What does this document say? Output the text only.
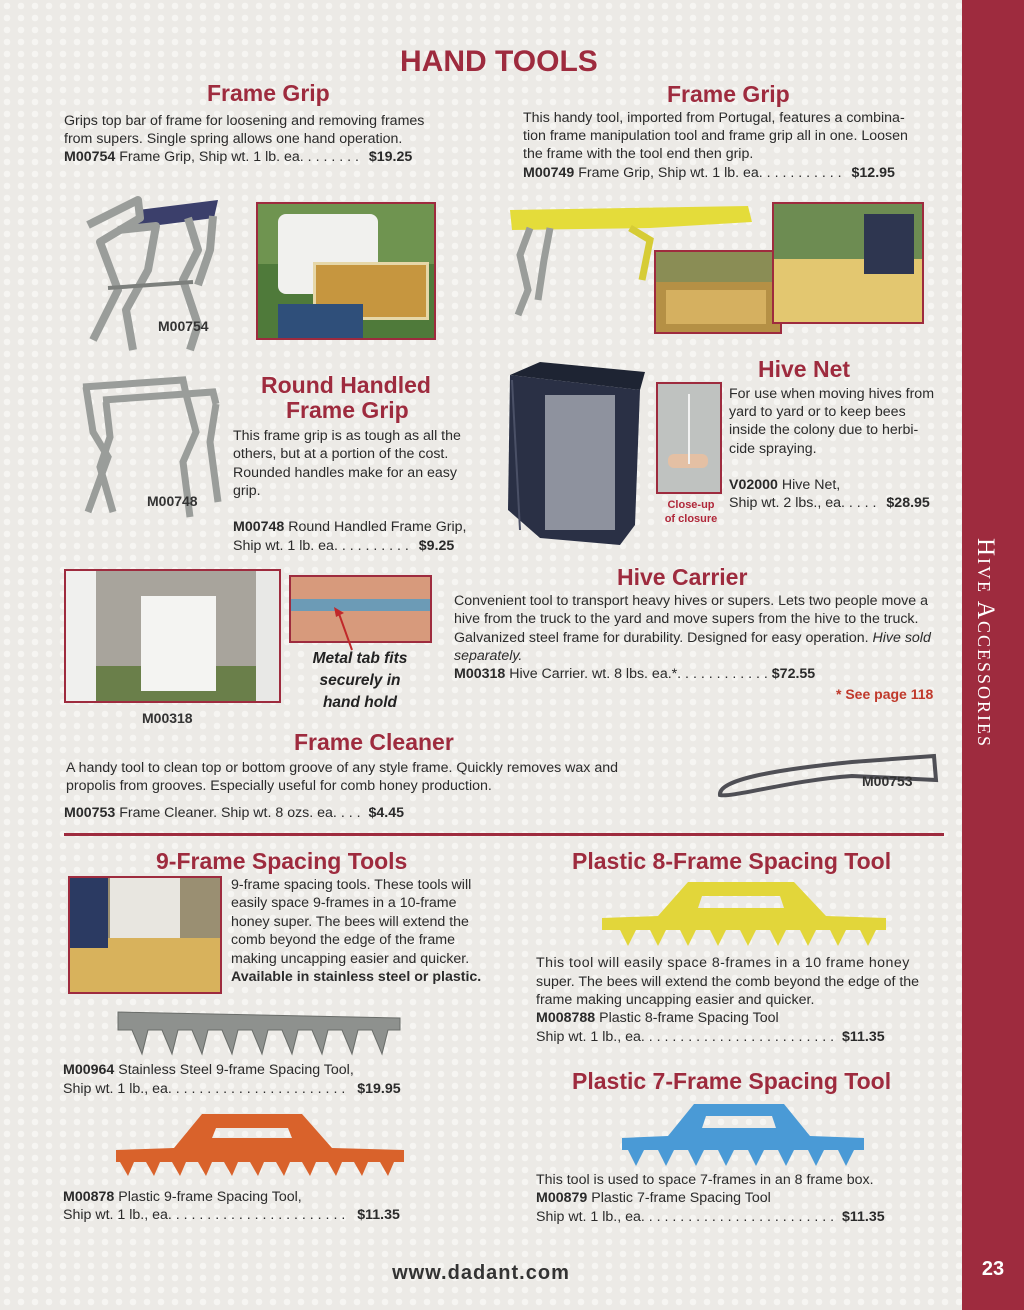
Hive Accessories
23
HAND TOOLS
Frame Grip

Grips top bar of frame for loosening and removing frames

from supers. Single spring allows one hand operation.

M00754 Frame Grip, Ship wt. 1 lb. ea. . . . . . . . $19.25
M00754
Frame Grip

This handy tool, imported from Portugal, features a combina-

tion frame manipulation tool and frame grip all in one. Loosen

the frame with the tool end then grip.

M00749 Frame Grip, Ship wt. 1 lb. ea. . . . . . . . . . . $12.95
M00748
Round Handled
Frame Grip

This frame grip is as tough as all the

others, but at a portion of the cost.

Rounded handles make for an easy

grip.

M00748 Round Handled Frame Grip,
Ship wt. 1 lb. ea. . . . . . . . . . $9.25
Close-up
of closure
Hive Net

For use when moving hives from

yard to yard or to keep bees

inside the colony due to herbi-

cide spraying.

V02000 Hive Net,
Ship wt. 2 lbs., ea. . . . . $28.95
M00318
Metal tab fits
securely in
hand hold
Hive Carrier

Convenient tool to transport heavy hives or supers. Lets two people move a

hive from the truck to the yard and move supers from the hive to the truck.

Galvanized steel frame for durability. Designed for easy operation. Hive sold

separately.

M00318 Hive Carrier. wt. 8 lbs. ea.*. . . . . . . . . . . . $72.55
* See page 118
Frame Cleaner

A handy tool to clean top or bottom groove of any style frame. Quickly removes wax and

propolis from grooves. Especially useful for comb honey production.

M00753 Frame Cleaner. Ship wt. 8 ozs. ea. . . . $4.45
M00753
9-Frame Spacing Tools

9-frame spacing tools. These tools will

easily space 9-frames in a 10-frame

honey super. The bees will extend the

comb beyond the edge of the frame

making uncapping easier and quicker.

Available in stainless steel or plastic.

M00964 Stainless Steel 9-frame Spacing Tool,
Ship wt. 1 lb., ea. . . . . . . . . . . . . . . . . . . . . . . $19.95
M00878 Plastic 9-frame Spacing Tool,
Ship wt. 1 lb., ea. . . . . . . . . . . . . . . . . . . . . . . $11.35
Plastic 8-Frame Spacing Tool

This tool will easily space 8-frames in a 10 frame honey

super. The bees will extend the comb beyond the edge of the

frame making uncapping easier and quicker.

M008788 Plastic 8-frame Spacing Tool
Ship wt. 1 lb., ea. . . . . . . . . . . . . . . . . . . . . . . . . $11.35
Plastic 7-Frame Spacing Tool

This tool is used to space 7-frames in an 8 frame box.

M00879 Plastic 7-frame Spacing Tool
Ship wt. 1 lb., ea. . . . . . . . . . . . . . . . . . . . . . . . . $11.35
www.dadant.com
